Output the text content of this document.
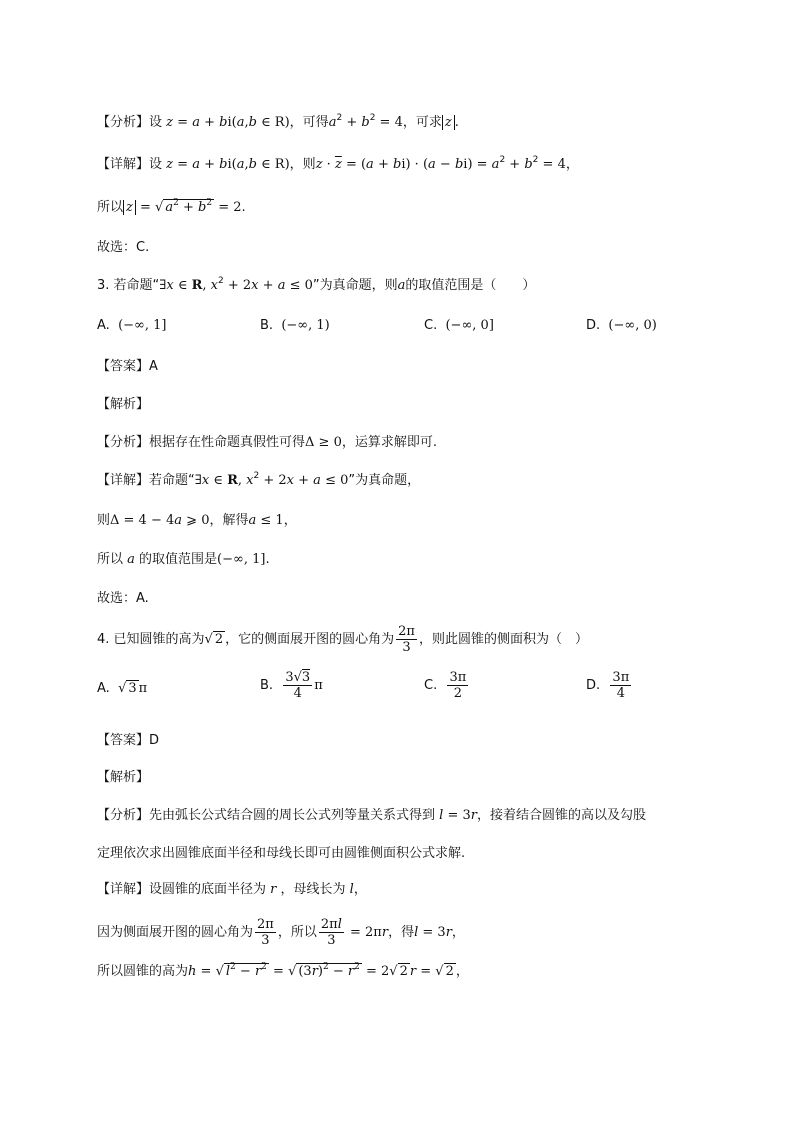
【分析】设 z = a + bi(a,b ∈ R)，可得$a^2 + b^2 = 4$，可求 z .
【详解】设 z = a + bi(a,b ∈ R)，则$z \cdot \overline{z} = (a + bi) \cdot (a - bi) = a^2 + b^2 = 4$，
所以 z = √ $a^2 + b^2 = 2$.
故选：C.
3. 若命题“∃x ∈ R, $x^2 + 2x + a \le 0$”为真命题，则a的取值范围是（　　）
A. (−∞, 1]	B. (−∞, 1)	C. (−∞, 0]	D. (−∞, 0)
【答案】A
【解析】
【分析】根据存在性命题真假性可得Δ ≥ 0，运算求解即可.
【详解】若命题“∃x ∈ R, $x^2 + 2x + a \le 0$”为真命题，
则Δ = 4 − 4a ⩾ 0，解得a ≤ 1，
所以 a 的取值范围是(−∞, 1].
故选：A.
4. 已知圆锥的高为√ 2 ，它的侧面展开图的圆心角为 $\frac{2\pi}{3}$ ，则此圆锥的侧面积为（　）
A. √ 3 π	B. $\frac{3√3}{4}$ π	C. $\frac{3\pi}{2}$	D. $\frac{3\pi}{4}$
【答案】D
【解析】
【分析】先由弧长公式结合圆的周长公式列等量关系式得到 l = 3r，接着结合圆锥的高以及勾股
定理依次求出圆锥底面半径和母线长即可由圆锥侧面积公式求解.
【详解】设圆锥的底面半径为 r ，母线长为 l，
因为侧面展开图的圆心角为 $\frac{2\pi}{3}$ ，所以 $\frac{2\pi l}{3} = 2\pi r$，得l = 3r，
所以圆锥的高为h = √ $l^2 - r^2$ = √ $(3r)^2 - r^2 = 2√$ 2 r = √ 2 ，
